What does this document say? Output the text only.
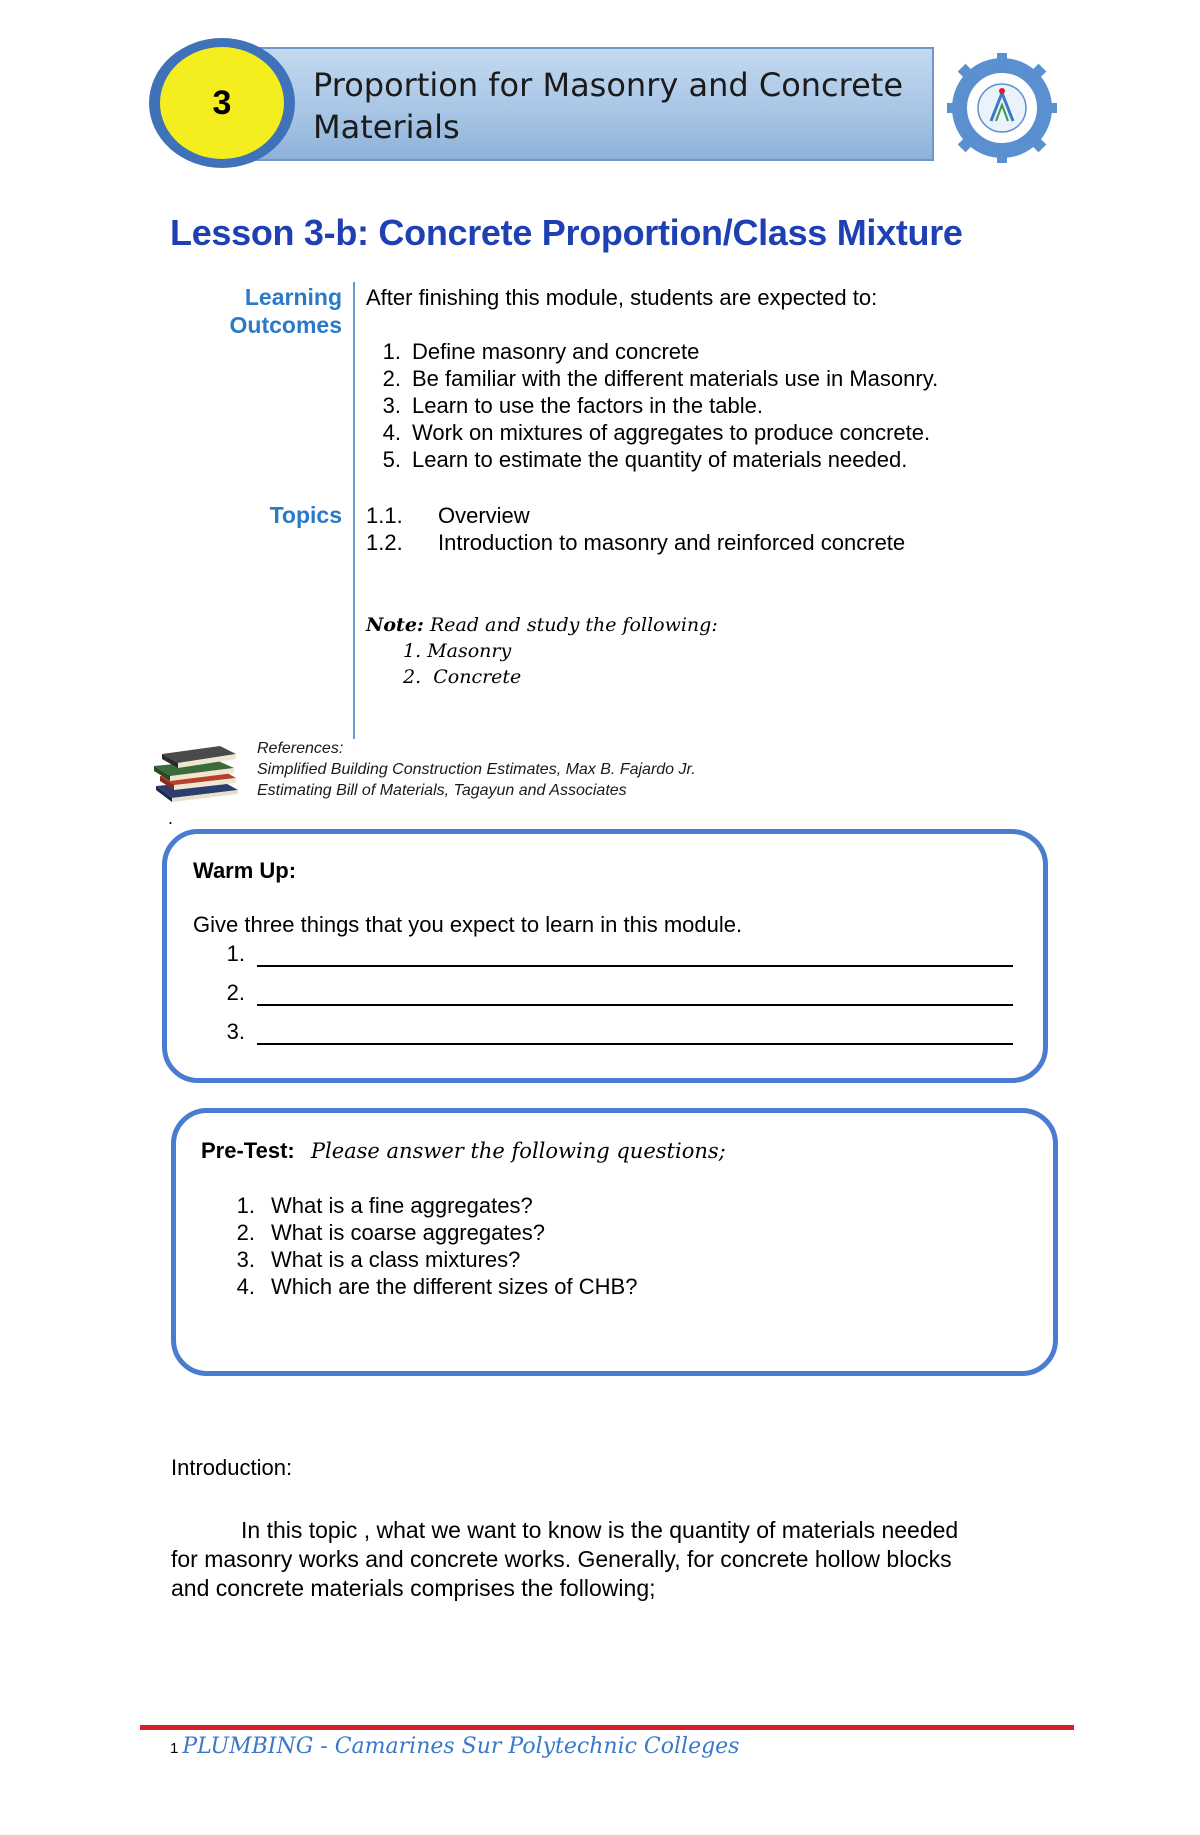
Proportion for Masonry and Concrete Materials
3
Lesson 3-b: Concrete Proportion/Class Mixture
Learning
Outcomes
Topics
After finishing this module, students are expected to:
1. Define masonry and concrete
2. Be familiar with the different materials use in Masonry.
3. Learn to use the factors in the table.
4. Work on mixtures of aggregates to produce concrete.
5. Learn to estimate the quantity of materials needed.
1.1. Overview
1.2. Introduction to masonry and reinforced concrete
Note: Read and study the following:
1. Masonry
2. Concrete
References:
Simplified Building Construction Estimates, Max B. Fajardo Jr.
Estimating Bill of Materials, Tagayun and Associates
.
Warm Up:
Give three things that you expect to learn in this module.
1.
2.
3.
Pre-Test: Please answer the following questions;
1. What is a fine aggregates?
2. What is coarse aggregates?
3. What is a class mixtures?
4. Which are the different sizes of CHB?
Introduction:
In this topic , what we want to know is the quantity of materials needed
for masonry works and concrete works. Generally, for concrete hollow blocks
and concrete materials comprises the following;
1 PLUMBING - Camarines Sur Polytechnic Colleges
